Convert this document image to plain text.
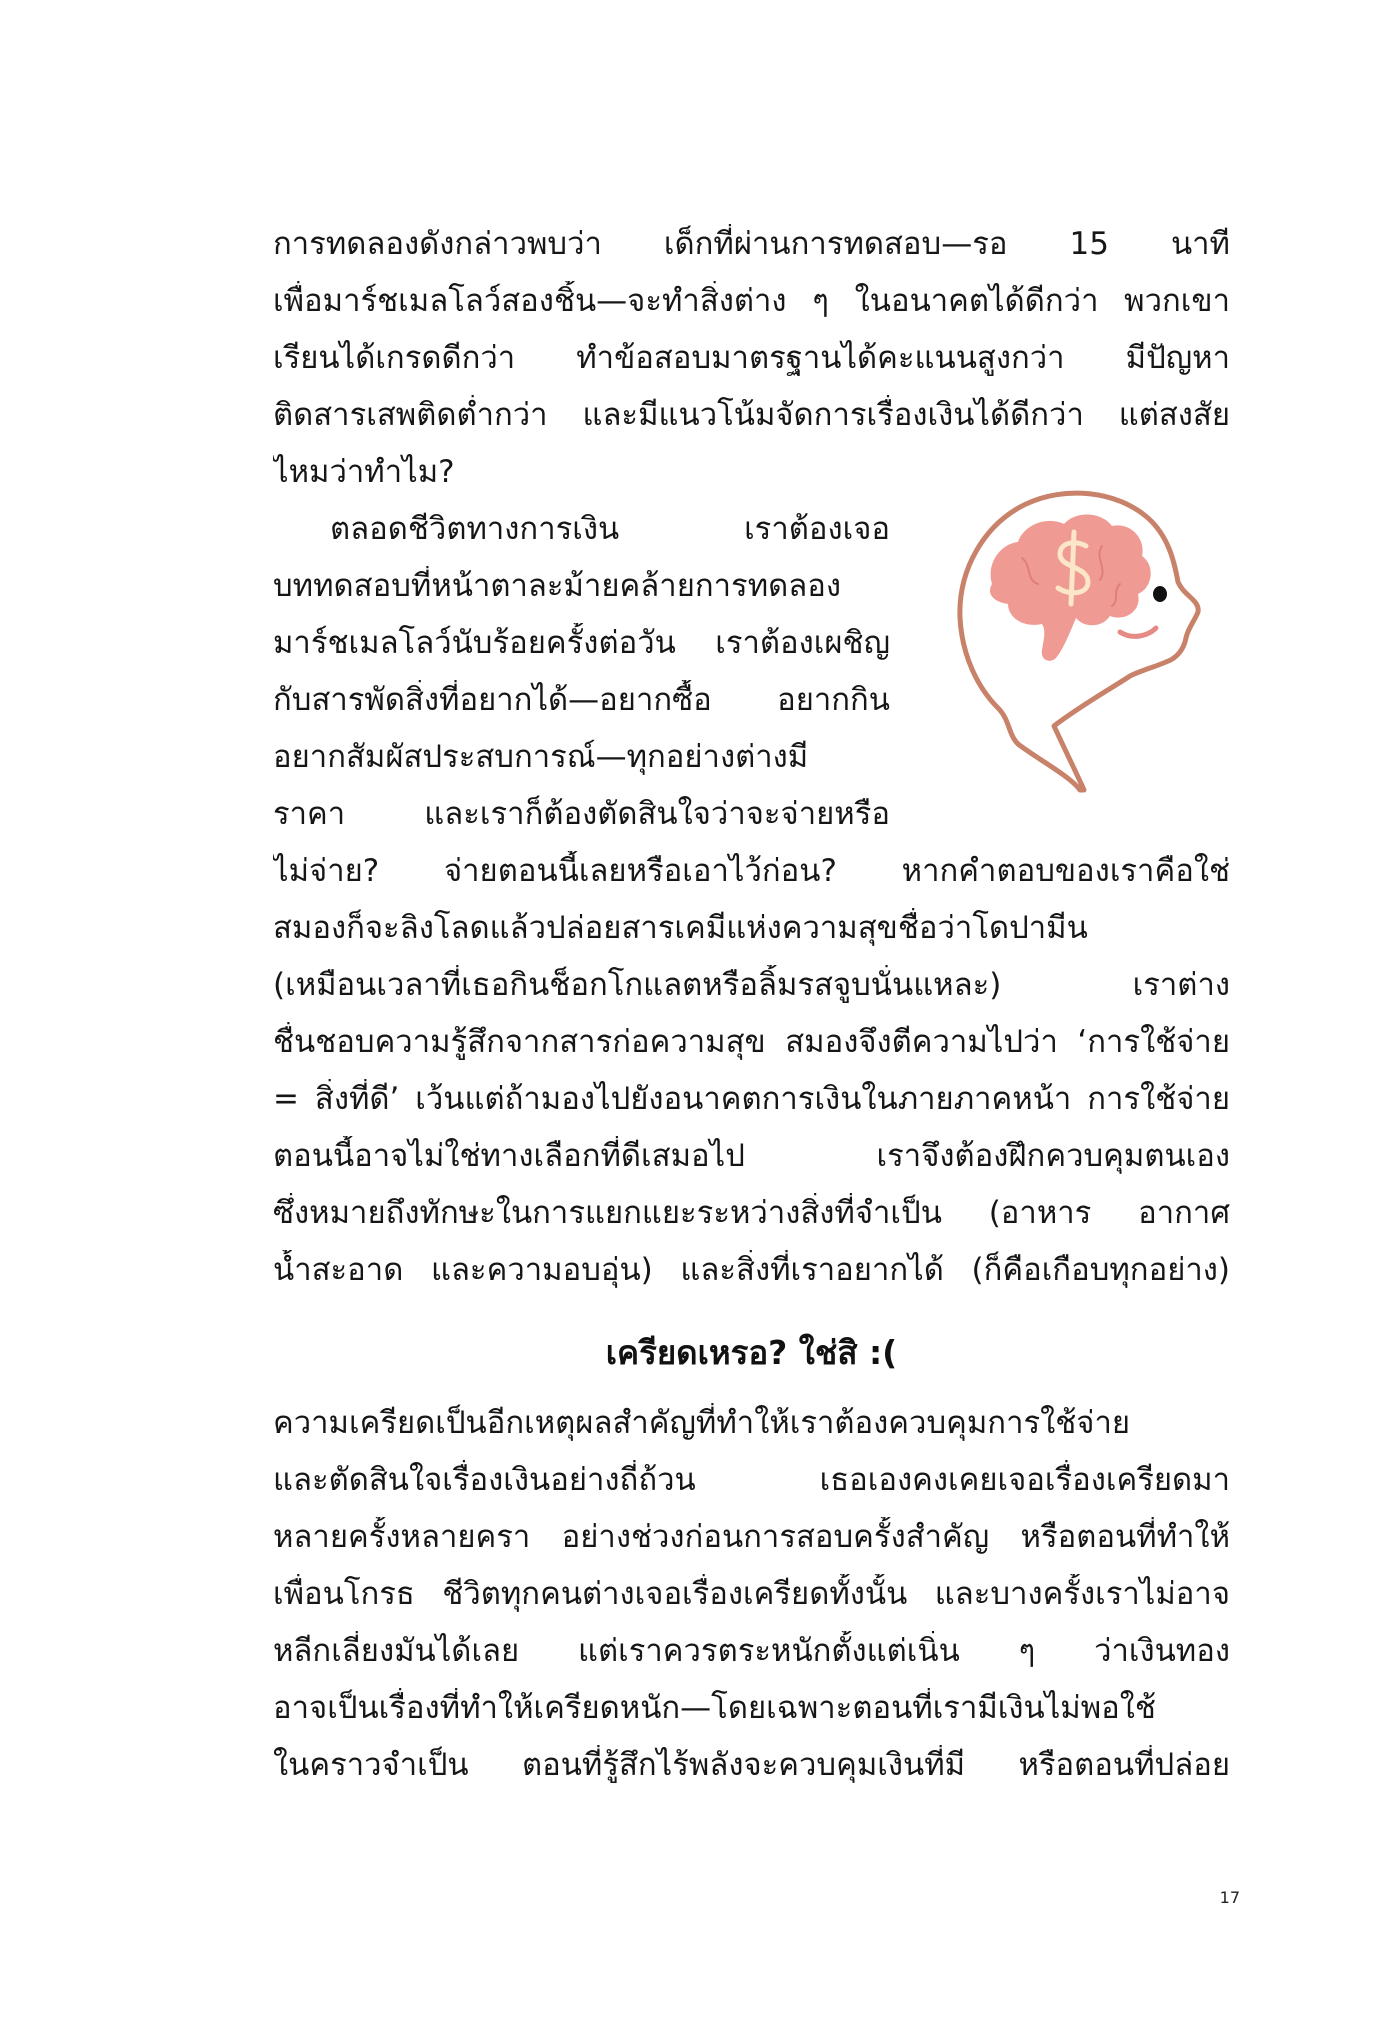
การทดลองดังกล่าวพบว่า เด็กที่ผ่านการทดสอบ—รอ 15 นาที
เพื่อมาร์ชเมลโลว์สองชิ้น—จะทำสิ่งต่าง ๆ ในอนาคตได้ดีกว่า พวกเขา
เรียนได้เกรดดีกว่า ทำข้อสอบมาตรฐานได้คะแนนสูงกว่า มีปัญหา
ติดสารเสพติดต่ำกว่า และมีแนวโน้มจัดการเรื่องเงินได้ดีกว่า แต่สงสัย
ไหมว่าทำไม?
ตลอดชีวิตทางการเงิน เราต้องเจอ
บททดสอบที่หน้าตาละม้ายคล้ายการทดลอง
มาร์ชเมลโลว์นับร้อยครั้งต่อวัน เราต้องเผชิญ
กับสารพัดสิ่งที่อยากได้—อยากซื้อ อยากกิน
อยากสัมผัสประสบการณ์—ทุกอย่างต่างมี
ราคา และเราก็ต้องตัดสินใจว่าจะจ่ายหรือ
ไม่จ่าย? จ่ายตอนนี้เลยหรือเอาไว้ก่อน? หากคำตอบของเราคือใช่
สมองก็จะลิงโลดแล้วปล่อยสารเคมีแห่งความสุขชื่อว่าโดปามีน
(เหมือนเวลาที่เธอกินช็อกโกแลตหรือลิ้มรสจูบนั่นแหละ) เราต่าง
ชื่นชอบความรู้สึกจากสารก่อความสุข สมองจึงตีความไปว่า ‘การใช้จ่าย
= สิ่งที่ดี’ เว้นแต่ถ้ามองไปยังอนาคตการเงินในภายภาคหน้า การใช้จ่าย
ตอนนี้อาจไม่ใช่ทางเลือกที่ดีเสมอไป เราจึงต้องฝึกควบคุมตนเอง
ซึ่งหมายถึงทักษะในการแยกแยะระหว่างสิ่งที่จำเป็น (อาหาร อากาศ
น้ำสะอาด และความอบอุ่น) และสิ่งที่เราอยากได้ (ก็คือเกือบทุกอย่าง)
เครียดเหรอ? ใช่สิ :(
ความเครียดเป็นอีกเหตุผลสำคัญที่ทำให้เราต้องควบคุมการใช้จ่าย
และตัดสินใจเรื่องเงินอย่างถี่ถ้วน เธอเองคงเคยเจอเรื่องเครียดมา
หลายครั้งหลายครา อย่างช่วงก่อนการสอบครั้งสำคัญ หรือตอนที่ทำให้
เพื่อนโกรธ ชีวิตทุกคนต่างเจอเรื่องเครียดทั้งนั้น และบางครั้งเราไม่อาจ
หลีกเลี่ยงมันได้เลย แต่เราควรตระหนักตั้งแต่เนิ่น ๆ ว่าเงินทอง
อาจเป็นเรื่องที่ทำให้เครียดหนัก—โดยเฉพาะตอนที่เรามีเงินไม่พอใช้
ในคราวจำเป็น ตอนที่รู้สึกไร้พลังจะควบคุมเงินที่มี หรือตอนที่ปล่อย
17
